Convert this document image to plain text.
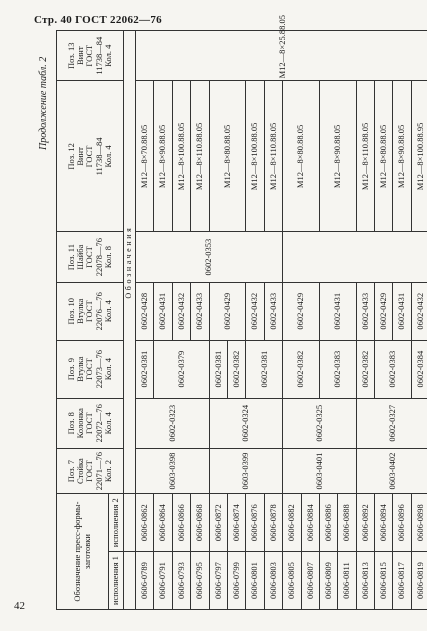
Стр. 40 ГОСТ 22062—76
42
Продолжение табл. 2
Обозначение пресс-формы-заготовки		Поз. 7
Стойка
ГОСТ
22071—76
Кол. 2	Поз. 8
Колонка
ГОСТ
22072—76
Кол. 4	Поз. 9
Втулка
ГОСТ
22073—76
Кол. 4	Поз. 10
Втулка
ГОСТ
22076—76
Кол. 4	Поз. 11
Шайба
ГОСТ
22078—76
Кол. 8	Поз. 12
Винт
ГОСТ
11738—84
Кол. 4	Поз. 13
Винт
ГОСТ
11738—84
Кол. 4
исполнения 1	исполнения 2							
		Обозначения						
0606-0789	0606-0862	0603-0398	0602-0323	0602-0381	0602-0428	0602-0353	М12—8×70.88.05	М12—8×25.88.05
0606-0791	0606-0864			0602-0379	0602-0431		М12—8×90.88.05	
0606-0793	0606-0866				0602-0432		М12—8×100.88.05	
0606-0795	0606-0868				0602-0433		М12—8×110.88.05	
0606-0797	0606-0872	0603-0399	0602-0324	0602-0381	0602-0429		М12—8×80.88.05	
0606-0799	0606-0874			0602-0382				
0606-0801	0606-0876			0602-0381	0602-0432		М12—8×100.88.05	
0606-0803	0606-0878				0602-0433		М12—8×110.88.05	
0606-0805	0606-0882	0603-0401	0602-0325	0602-0382	0602-0429		М12—8×80.88.05	
0606-0807	0606-0884							
0606-0809	0606-0886			0602-0383	0602-0431		М12—8×90.88.05	
0606-0811	0606-0888							
0606-0813	0606-0892	0603-0402	0602-0327	0602-0382	0602-0433		М12—8×110.88.05	
0606-0815	0606-0894			0602-0383	0602-0429		М12—8×80.88.05	
0606-0817	0606-0896				0602-0431		М12—8×90.88.05	
0606-0819	0606-0898			0602-0384	0602-0432		М12—8×100.88.95	
